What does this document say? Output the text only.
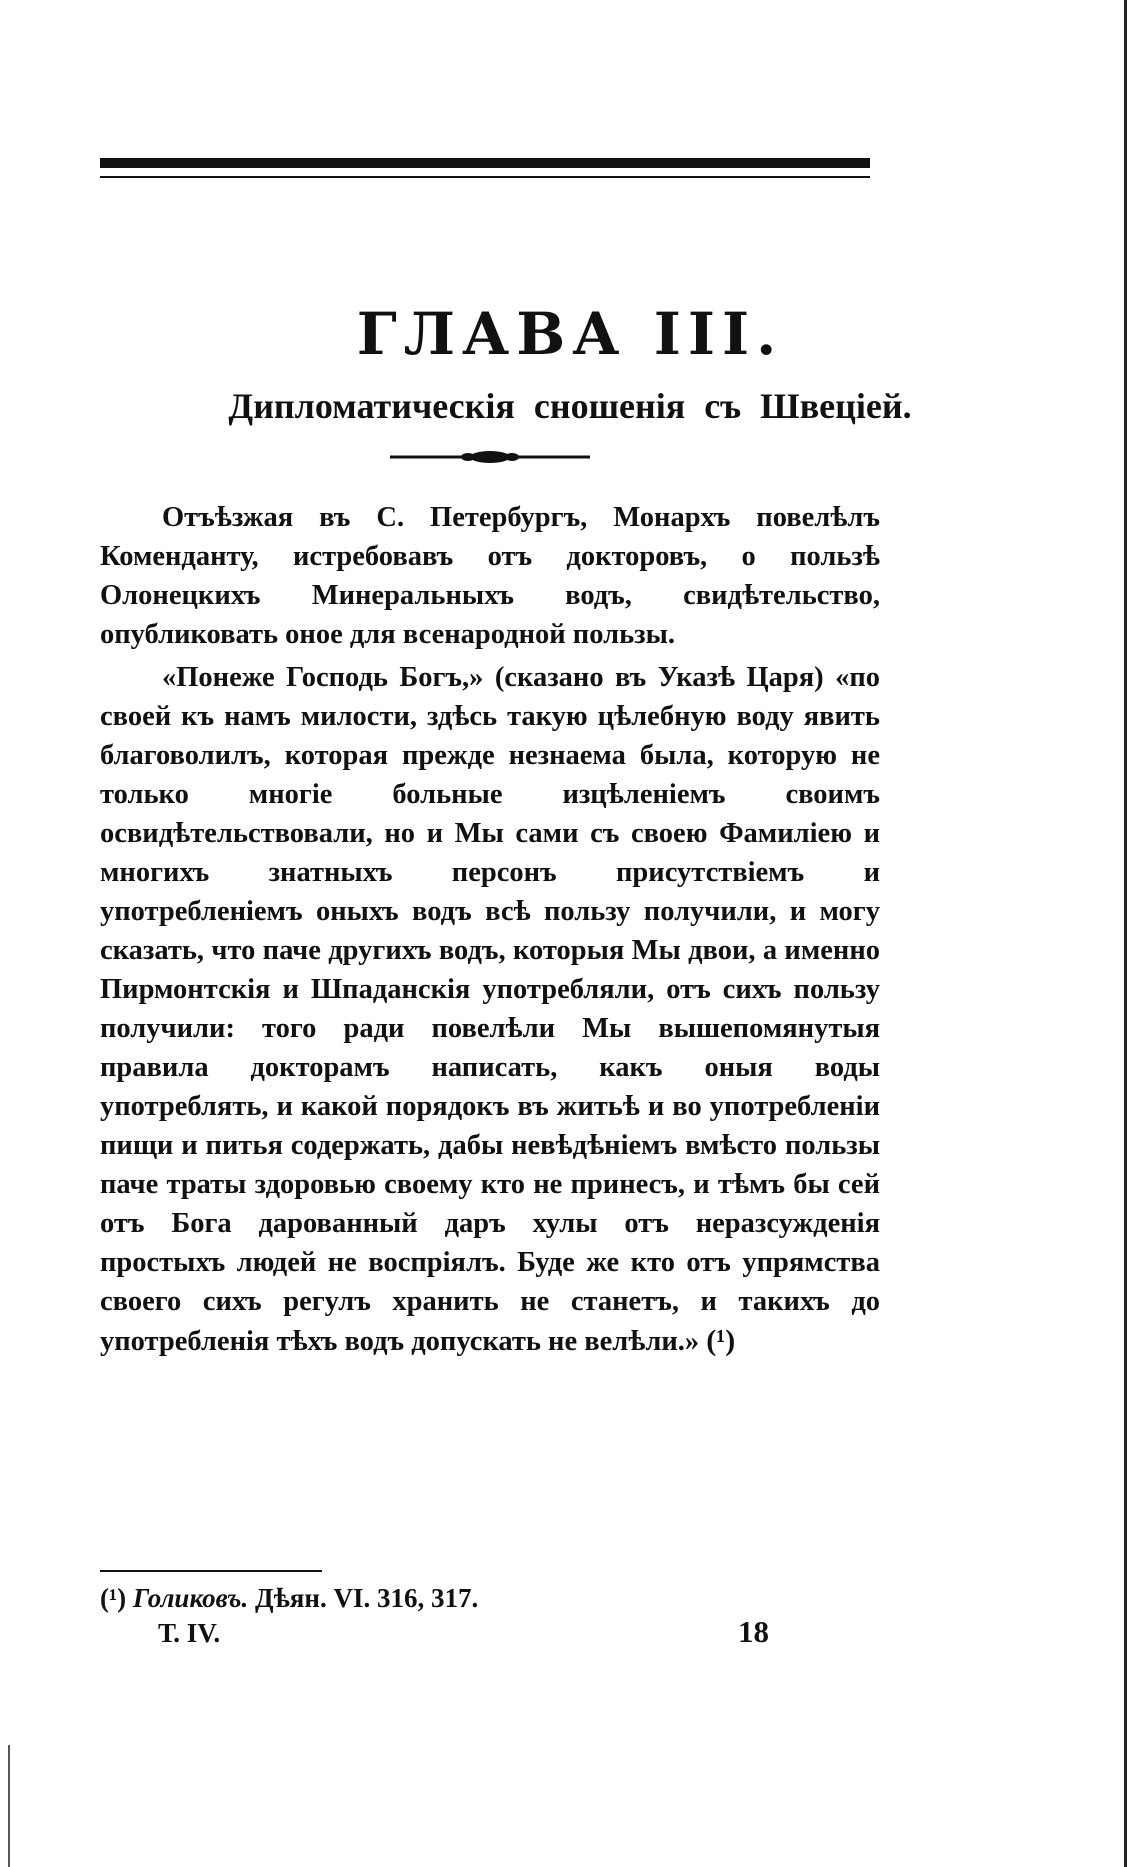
ГЛАВА III.
Дипломатическія сношенія съ Швеціей.

Отъѣзжая въ С. Петербургъ, Монархъ повелѣлъ Коменданту, истребовавъ отъ докторовъ, о пользѣ Олонецкихъ Минеральныхъ водъ, свидѣтельство, опубликовать оное для всенародной пользы.

«Понеже Господь Богъ,» (сказано въ Указѣ Царя) «по своей къ намъ милости, здѣсь такую цѣлебную воду явить благоволилъ, которая прежде незнаема была, которую не только многіе больные изцѣленіемъ своимъ освидѣтельствовали, но и Мы сами съ своею Фамиліею и многихъ знатныхъ персонъ присутствіемъ и употребленіемъ оныхъ водъ всѣ пользу получили, и могу сказать, что паче другихъ водъ, которыя Мы двои, а именно Пирмонтскія и Шпаданскія употребляли, отъ сихъ пользу получили: того ради повелѣли Мы вышепомянутыя правила докторамъ написать, какъ оныя воды употреблять, и какой порядокъ въ житьѣ и во употребленіи пищи и питья содержать, дабы невѣдѣніемъ вмѣсто пользы паче траты здоровью своему кто не принесъ, и тѣмъ бы сей отъ Бога дарованный даръ хулы отъ неразсужденія простыхъ людей не воспріялъ. Буде же кто отъ упрямства своего сихъ регулъ хранить не станетъ, и такихъ до употребленія тѣхъ водъ допускать не велѣли.» (¹)

(¹) Голиковъ. Дѣян. VI. 316, 317.
Т. IV.	18
